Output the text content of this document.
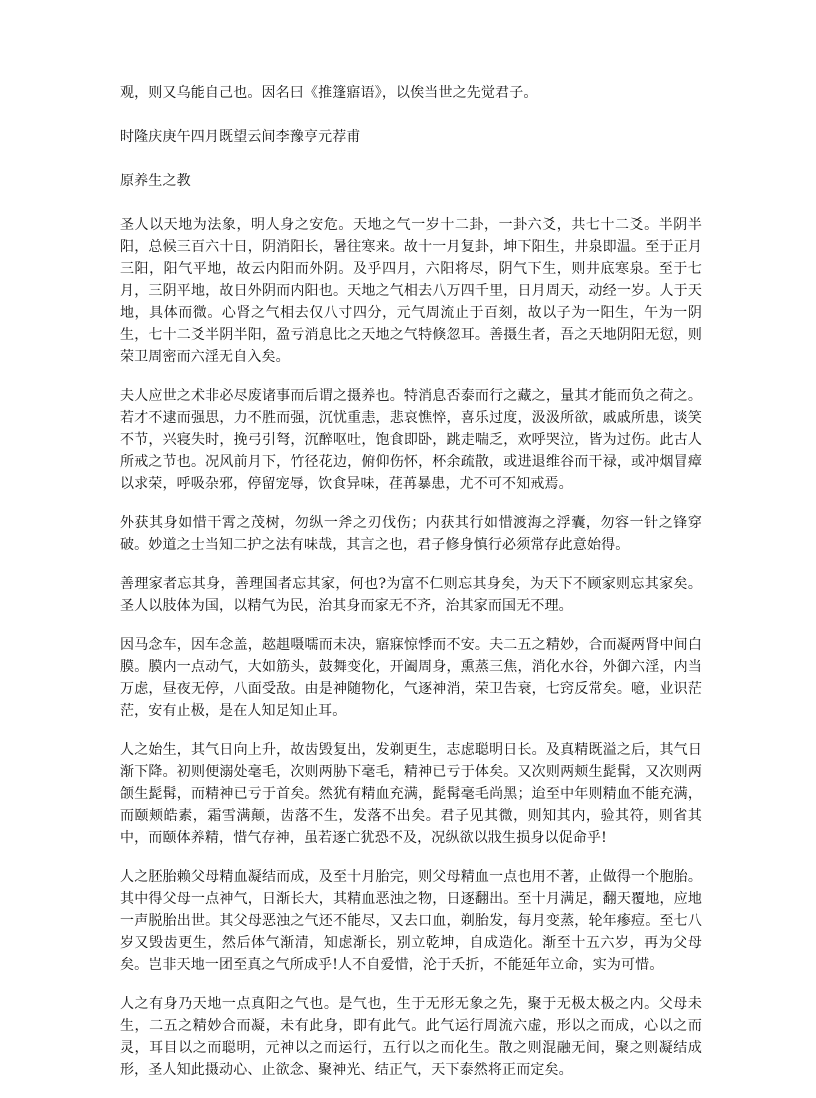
观，则又乌能自己也。因名曰《推篷寤语》，以俟当世之先觉君子。

时隆庆庚午四月既望云间李豫亨元荐甫

原养生之教

圣人以天地为法象，明人身之安危。天地之气一岁十二卦，一卦六爻，共七十二爻。半阴半阳，总候三百六十日，阴消阳长，暑往寒来。故十一月复卦，坤下阳生，井泉即温。至于正月三阳，阳气平地，故云内阳而外阴。及乎四月，六阳将尽，阴气下生，则井底寒泉。至于七月，三阴平地，故日外阴而内阳也。天地之气相去八万四千里，日月周天，动经一岁。人于天地，具体而微。心肾之气相去仅八寸四分，元气周流止于百刻，故以子为一阳生，午为一阴生，七十二爻半阴半阳，盈亏消息比之天地之气特倏忽耳。善摄生者，吾之天地阴阳无愆，则荣卫周密而六淫无自入矣。

夫人应世之术非必尽废诸事而后谓之摄养也。特消息否泰而行之藏之，量其才能而负之荷之。若才不逮而强思，力不胜而强，沉忧重恚，悲哀憔悴，喜乐过度，汲汲所欲，戚戚所患，谈笑不节，兴寝失时，挽弓引弩，沉醉呕吐，饱食即卧，跳走喘乏，欢呼哭泣，皆为过伤。此古人所戒之节也。况风前月下，竹径花边，俯仰伤怀，杯余疏散，或进退维谷而干禄，或冲烟冒瘴以求荣，呼吸杂邪，停留宠辱，饮食异味，荏苒暴患，尤不可不知戒焉。

外获其身如惜干霄之茂树，勿纵一斧之刃伐伤；内获其行如惜渡海之浮囊，勿容一针之锋穿破。妙道之士当知二护之法有味哉，其言之也，君子修身慎行必须常存此意始得。

善理家者忘其身，善理国者忘其家，何也?为富不仁则忘其身矣，为天下不顾家则忘其家矣。圣人以肢体为国，以精气为民，治其身而家无不齐，治其家而国无不理。

因马念车，因车念盖，趑趄嗫嚅而未决，寤寐惊悸而不安。夫二五之精妙，合而凝两肾中间白膜。膜内一点动气，大如筋头，鼓舞变化，开阖周身，熏蒸三焦，消化水谷，外御六淫，内当万虑，昼夜无停，八面受敌。由是神随物化，气逐神消，荣卫告衰，七窍反常矣。噫，业识茫茫，安有止极，是在人知足知止耳。

人之始生，其气日向上升，故齿毁复出，发剃更生，志虑聪明日长。及真精既溢之后，其气日渐下降。初则便溺处毫毛，次则两胁下毫毛，精神已亏于体矣。又次则两颊生髭髯，又次则两颌生髭髯，而精神已亏于首矣。然犹有精血充满，髭髯毫毛尚黑；迨至中年则精血不能充满，而颐颊皓素，霜雪满颠，齿落不生，发落不出矣。君子见其微，则知其内，验其符，则省其中，而颐体养精，惜气存神，虽若逐亡犹恐不及，况纵欲以戕生损身以促命乎!

人之胚胎赖父母精血凝结而成，及至十月胎完，则父母精血一点也用不著，止做得一个胞胎。其中得父母一点神气，日渐长大，其精血恶浊之物，日逐翻出。至十月满足，翻天覆地，应地一声脱胎出世。其父母恶浊之气还不能尽，又去口血，剃胎发，每月变蒸，轮年瘆痘。至七八岁又毁齿更生，然后体气渐清，知虑渐长，别立乾坤，自成造化。渐至十五六岁，再为父母矣。岂非天地一团至真之气所成乎!人不自爱惜，沦于夭折，不能延年立命，实为可惜。

人之有身乃天地一点真阳之气也。是气也，生于无形无象之先，聚于无极太极之内。父母未生，二五之精妙合而凝，未有此身，即有此气。此气运行周流六虚，形以之而成，心以之而灵，耳目以之而聪明，元神以之而运行，五行以之而化生。散之则混融无间，聚之则凝结成形，圣人知此摄动心、止欲念、聚神光、结正气，天下泰然将正而定矣。
